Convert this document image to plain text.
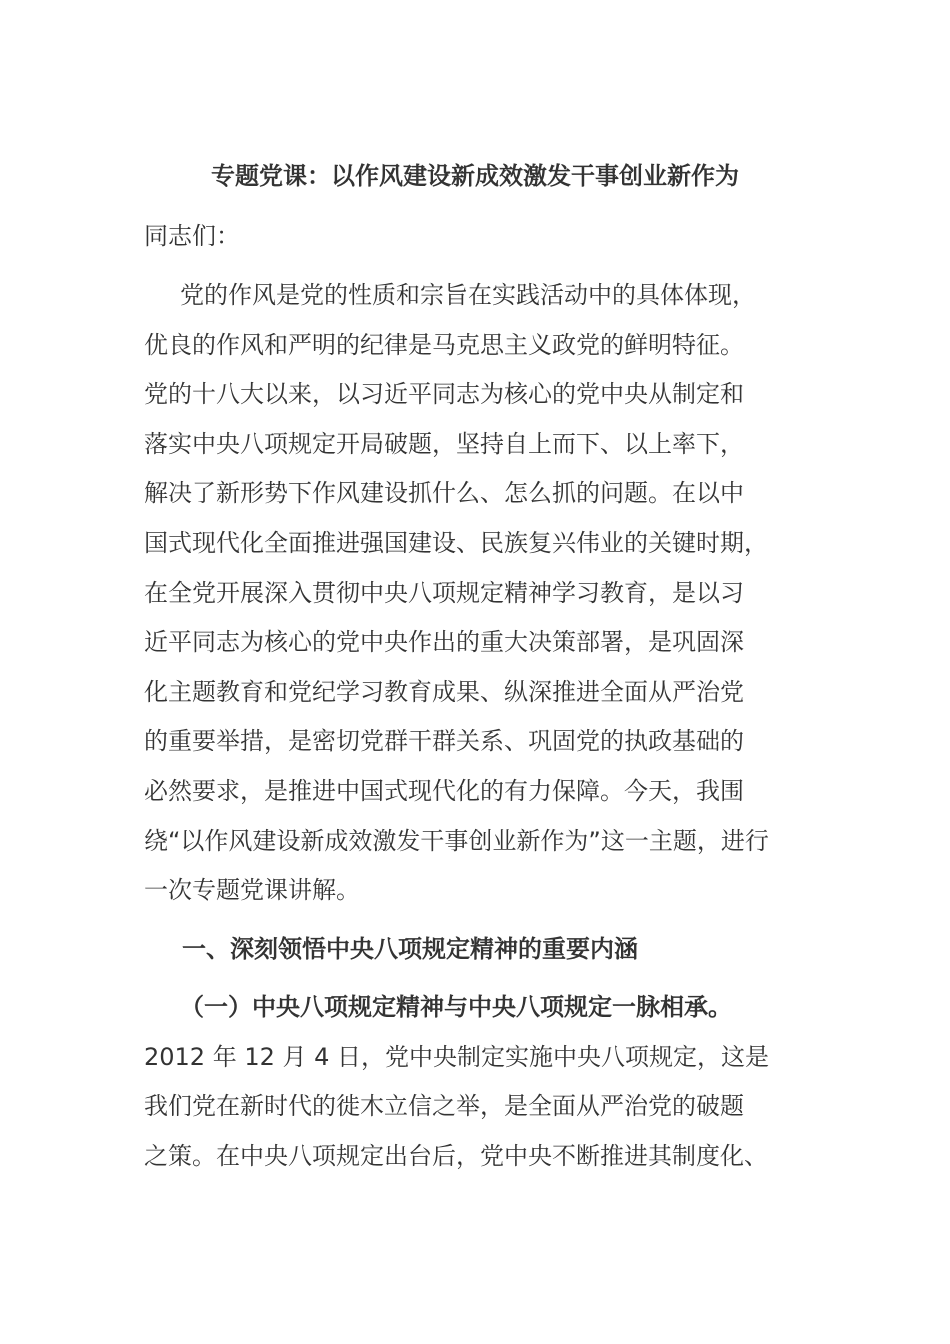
专题党课：以作风建设新成效激发干事创业新作为
同志们：
党的作风是党的性质和宗旨在实践活动中的具体体现，
优良的作风和严明的纪律是马克思主义政党的鲜明特征。
党的十八大以来，以习近平同志为核心的党中央从制定和
落实中央八项规定开局破题，坚持自上而下、以上率下，
解决了新形势下作风建设抓什么、怎么抓的问题。在以中
国式现代化全面推进强国建设、民族复兴伟业的关键时期，
在全党开展深入贯彻中央八项规定精神学习教育，是以习
近平同志为核心的党中央作出的重大决策部署，是巩固深
化主题教育和党纪学习教育成果、纵深推进全面从严治党
的重要举措，是密切党群干群关系、巩固党的执政基础的
必然要求，是推进中国式现代化的有力保障。今天，我围
绕“以作风建设新成效激发干事创业新作为”这一主题，进行
一次专题党课讲解。
一、深刻领悟中央八项规定精神的重要内涵
（一）中央八项规定精神与中央八项规定一脉相承。
2012 年 12 月 4 日，党中央制定实施中央八项规定，这是
我们党在新时代的徙木立信之举，是全面从严治党的破题
之策。在中央八项规定出台后，党中央不断推进其制度化、
